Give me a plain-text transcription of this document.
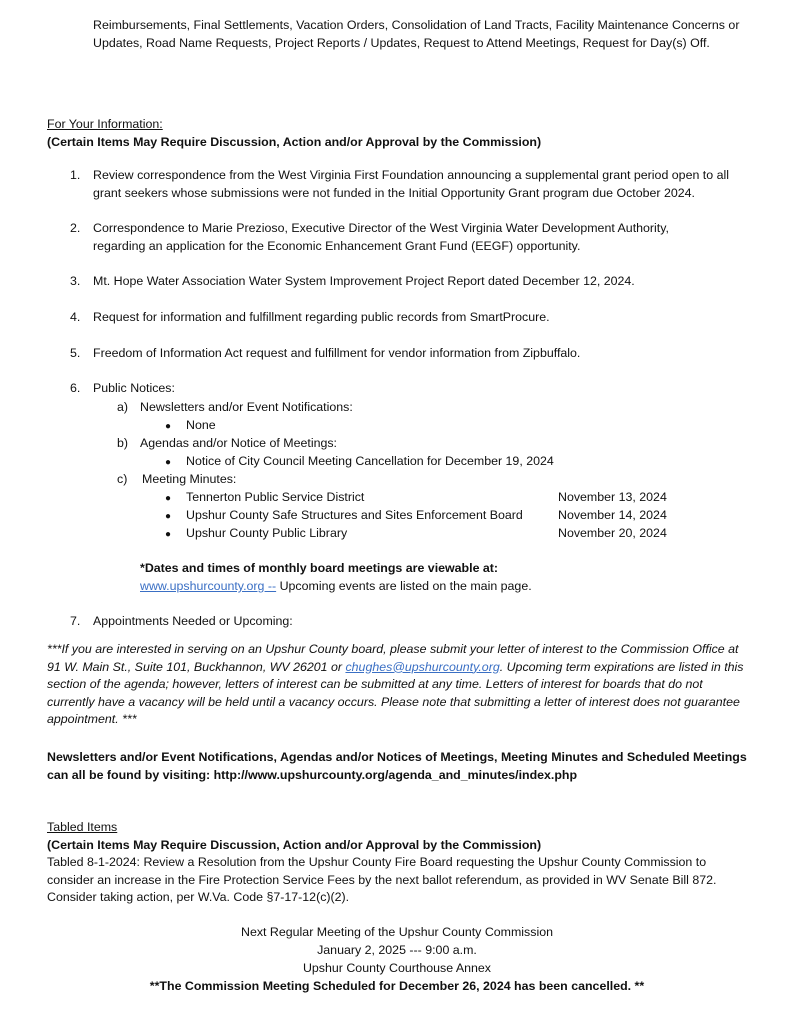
Reimbursements, Final Settlements, Vacation Orders, Consolidation of Land Tracts, Facility Maintenance Concerns or Updates, Road Name Requests, Project Reports / Updates, Request to Attend Meetings, Request for Day(s) Off.

For Your Information:
(Certain Items May Require Discussion, Action and/or Approval by the Commission)
1. Review correspondence from the West Virginia First Foundation announcing a supplemental grant period open to all grant seekers whose submissions were not funded in the Initial Opportunity Grant program due October 2024.

2. Correspondence to Marie Prezioso, Executive Director of the West Virginia Water Development Authority, regarding an application for the Economic Enhancement Grant Fund (EEGF) opportunity.

3. Mt. Hope Water Association Water System Improvement Project Report dated December 12, 2024.

4. Request for information and fulfillment regarding public records from SmartProcure.

5. Freedom of Information Act request and fulfillment for vendor information from Zipbuffalo.

6. Public Notices:

a) Newsletters and/or Event Notifications:
● None
b) Agendas and/or Notice of Meetings:
● Notice of City Council Meeting Cancellation for December 19, 2024
c) Meeting Minutes:
● Tennerton Public Service District	November 13, 2024
● Upshur County Safe Structures and Sites Enforcement Board	November 14, 2024
● Upshur County Public Library	November 20, 2024
*Dates and times of monthly board meetings are viewable at:
www.upshurcounty.org -- Upcoming events are listed on the main page.
7. Appointments Needed or Upcoming:

***If you are interested in serving on an Upshur County board, please submit your letter of interest to the Commission Office at 91 W. Main St., Suite 101, Buckhannon, WV 26201 or chughes@upshurcounty.org. Upcoming term expirations are listed in this section of the agenda; however, letters of interest can be submitted at any time. Letters of interest for boards that do not currently have a vacancy will be held until a vacancy occurs. Please note that submitting a letter of interest does not guarantee appointment. ***

Newsletters and/or Event Notifications, Agendas and/or Notices of Meetings, Meeting Minutes and Scheduled Meetings can all be found by visiting: http://www.upshurcounty.org/agenda_and_minutes/index.php

Tabled Items
(Certain Items May Require Discussion, Action and/or Approval by the Commission)

Tabled 8-1-2024: Review a Resolution from the Upshur County Fire Board requesting the Upshur County Commission to consider an increase in the Fire Protection Service Fees by the next ballot referendum, as provided in WV Senate Bill 872. Consider taking action, per W.Va. Code §7-17-12(c)(2).

Next Regular Meeting of the Upshur County Commission
January 2, 2025 --- 9:00 a.m.
Upshur County Courthouse Annex
**The Commission Meeting Scheduled for December 26, 2024 has been cancelled. **
